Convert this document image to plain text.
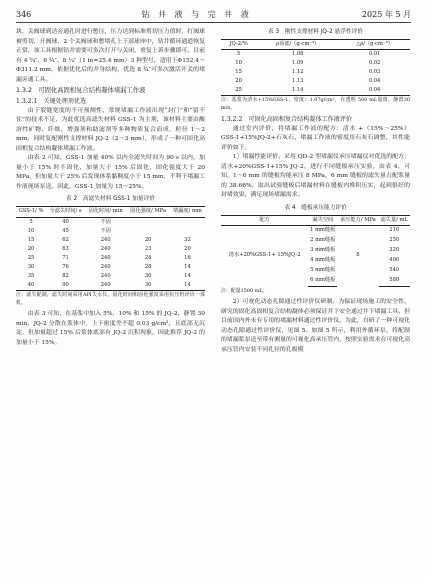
346	钻 井 液 与 完 井 液	2025 年 5 月

块，关阀球到达旁通孔时进行憋压，压力达到标准剪切压力值时，打阀球被剪切，开阀球、2 个关阀球和憋堵孔上下部球座中，钻井循环通道恢复正常，该工具根据钻井需要可多次打开与关闭，重复上诉步骤即可。目前有 4 ³⁄₄″、6 ³⁄₄″、8 ¹⁄₄″（1 in=25.4 mm）3 种型号，适用于Φ152.4～Φ311.2 mm，依据优化后的井身结构，优选 8 ¹⁄₄″可多次激活开关的堵漏旁通工具。

1.3.2　可固化高固相复合结构凝体堵漏工作液
1.3.2.1　关键处理剂优选

由于裂缝宽度的不可预测性，常规堵漏工作液出现“封门”和“留不住”的技术不足，为此优选高滤失材料 GSS-1 为主剂，该材料主要由酸溶性矿物、纤维、增强剂和助滤剂等多种物质复合而成，粒径 1～2 mm，同时复配刚性支撑材料 JQ-2（2～3 mm），形成了一种可固化高固相复合结构凝体堵漏工作液。

由表 2 可知，GSS-1 加量 40% 以内全滤失时间为 90 s 以内，加量小于 15% 时不固化，加量大于 15% 后固化，固化强度大于 20 MPa，但加量大于 25% 后发现体系黏稠度小于 15 mm，不利于堵漏工作液现场泵送。因此，GSS-1 加量为 15～25%。

表 2　高滤失材料 GSS-1 加量评价
GSS-1/ %	全滤失时间/ s	固化时间/ min	固化强度/ MPa	堵漏度/ mm
5	40	不固		
10	45	不固		
15	62	240	20	32
20	63	240	23	20
25	71	240	24	16
30	76	240	28	14
35	82	240	30	14
40	90	240	30	14
注：滤失配制，滤失时间采用API失水仪，固化时间和固化强度采用抗压机评价一体机。

由表 3 可知，在基浆中加入 5%、10% 和 15% 的 JQ-2，静置 30 min，JQ-2 分散在浆体中，上下密度差不超 0.03 g/cm³，且底部无沉淀，但加量超过 15% 后浆体底部有 JQ-2 沉积现象，因此推荐 JQ-2 的加量小于 15%。

表 3　刚性支撑材料 JQ-2 悬浮性评价
JQ-2/%	ρ顶部/（g·cm⁻³）	△ρ/（g·cm⁻³）
5	1.08	0.01
10	1.09	0.02
15	1.12	0.03
20	1.13	0.04
25	1.14	0.04
注：基浆为清水+15%GSS-1，密度：1.07g/cm³，在透明 500 mL量筒，静置30 min。
1.3.2.2　可固化高固相复合结构凝体工作液评价

通过室内评价，将堵漏工作液的配方：清水 +（15%～25%）GSS-1+15%JQ-2+石灰石，堵漏工作液的密度用石灰石调整，其性能评价如下。

1）堵漏性能评价。采用 QD-2 型堵漏仪承压堵漏仪对优选的配方：清水+20%GSS-1+15% JQ-2，进行不同缝板承压实验，由表 4，可知，1～6 mm 的缝板均能承压 8 MPa，6 mm 缝板的滤失量占配浆量的 38.66%，取出试验缝板后堵漏材料在缝板内堆积压实，起到很好的封堵效果，满足现场堵漏需求。

表 4　缝板承压能力评价
配方	漏失空间	承压能力/ MPa	滤失量/ mL
清水+20%GSS-1+ 15%JQ-2	1 mm缝板	8	210
	2 mm缝板		250
	3 mm缝板		320
	4 mm缝板		400
	5 mm缝板		540
	6 mm缝板		580
注：配量1500 mL。

2）可视化动态孔隙通过性评价仪研制。为保证现场施工的安全性，研究的固化高固相复合结构凝体必须保证井下安全通过井下堵漏工具，但目前国内外未有专用的堵漏材料通过性评价仪，为此，自研了一种可视化动态孔隙通过性评价仪，见图 5。如图 5 所示，利用外循环泵，将配制的堵漏浆泵送至带有测量的可视化高承压管内，按照实验需求在可视化高承压管内安装不同孔径的孔板模
